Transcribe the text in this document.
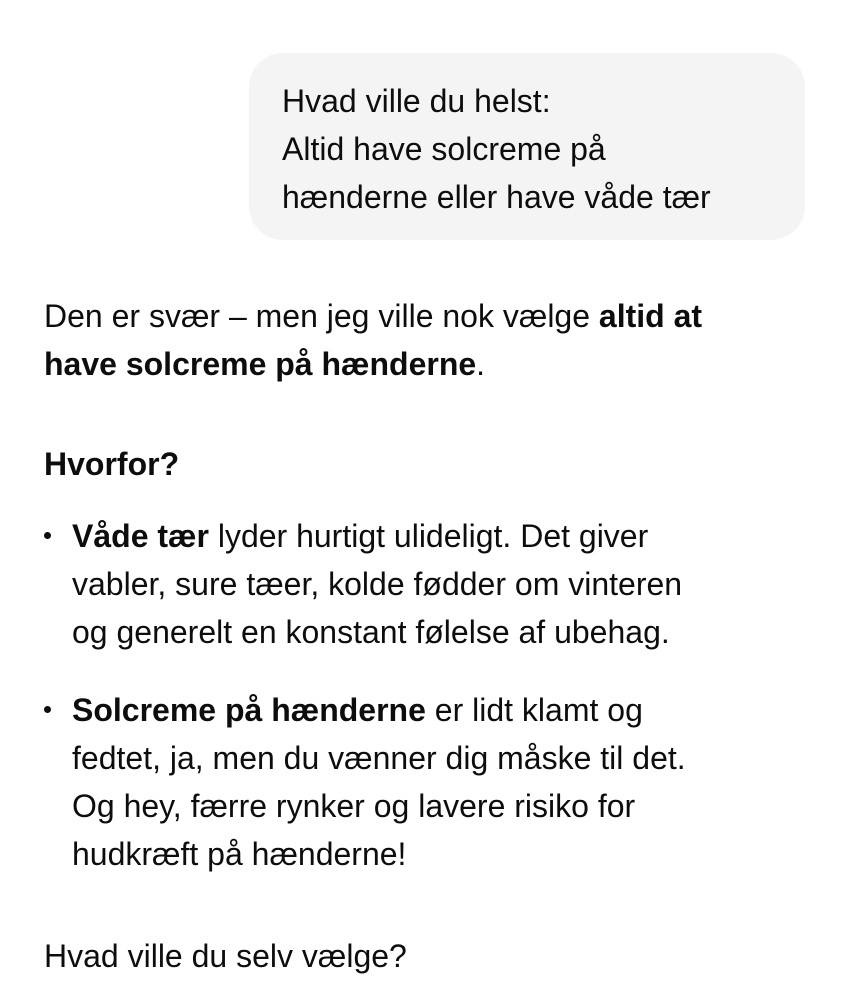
Hvad ville du helst:
Altid have solcreme på
hænderne eller have våde tær

Den er svær – men jeg ville nok vælge altid at
have solcreme på hænderne.

Hvorfor?

Våde tær lyder hurtigt ulideligt. Det giver
vabler, sure tæer, kolde fødder om vinteren
og generelt en konstant følelse af ubehag.
Solcreme på hænderne er lidt klamt og
fedtet, ja, men du vænner dig måske til det.
Og hey, færre rynker og lavere risiko for
hudkræft på hænderne!

Hvad ville du selv vælge?
